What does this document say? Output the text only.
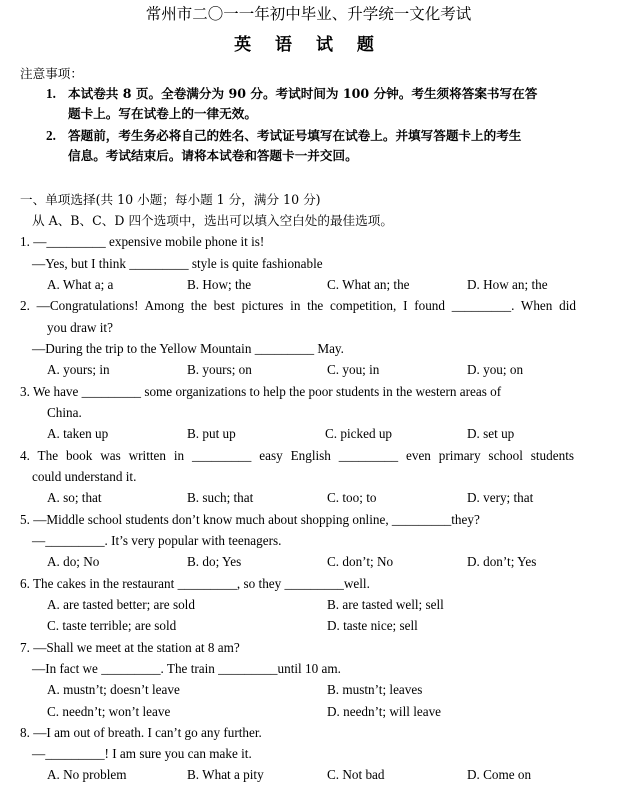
常州市二〇一一年初中毕业、升学统一文化考试
英 语 试 题
注意事项：
1. 本试卷共 8 页。全卷满分为 90 分。考试时间为 100 分钟。考生须将答案书写在答
题卡上。写在试卷上的一律无效。
2. 答题前，考生务必将自己的姓名、考试证号填写在试卷上。并填写答题卡上的考生
信息。考试结束后。请将本试卷和答题卡一并交回。
一、单项选择(共 10 小题；每小题 1 分，满分 10 分)
从 A、B、C、D 四个选项中，选出可以填入空白处的最佳选项。
1. —_________ expensive mobile phone it is!
—Yes, but I think _________ style is quite fashionable
A. What a; a	B. How; the	C. What an; the	D. How an; the
2. —Congratulations! Among the best pictures in the competition, I found _________. When did
you draw it?
—During the trip to the Yellow Mountain _________ May.
A. yours; in	B. yours; on	C. you; in	D. you; on
3. We have _________ some organizations to help the poor students in the western areas of
China.
A. taken up	B. put up	C. picked up	D. set up
4. The book was written in _________ easy English _________ even primary school students
could understand it.
A. so; that	B. such; that	C. too; to	D. very; that
5. —Middle school students don’t know much about shopping online, _________they?
—_________. It’s very popular with teenagers.
A. do; No	B. do; Yes	C. don’t; No	D. don’t; Yes
6. The cakes in the restaurant _________, so they _________well.
A. are tasted better; are sold	B. are tasted well; sell
C. taste terrible; are sold	D. taste nice; sell
7. —Shall we meet at the station at 8 am?
—In fact we _________. The train _________until 10 am.
A. mustn’t; doesn’t leave	B. mustn’t; leaves
C. needn’t; won’t leave	D. needn’t; will leave
8. —I am out of breath. I can’t go any further.
—_________! I am sure you can make it.
A. No problem	B. What a pity	C. Not bad	D. Come on
